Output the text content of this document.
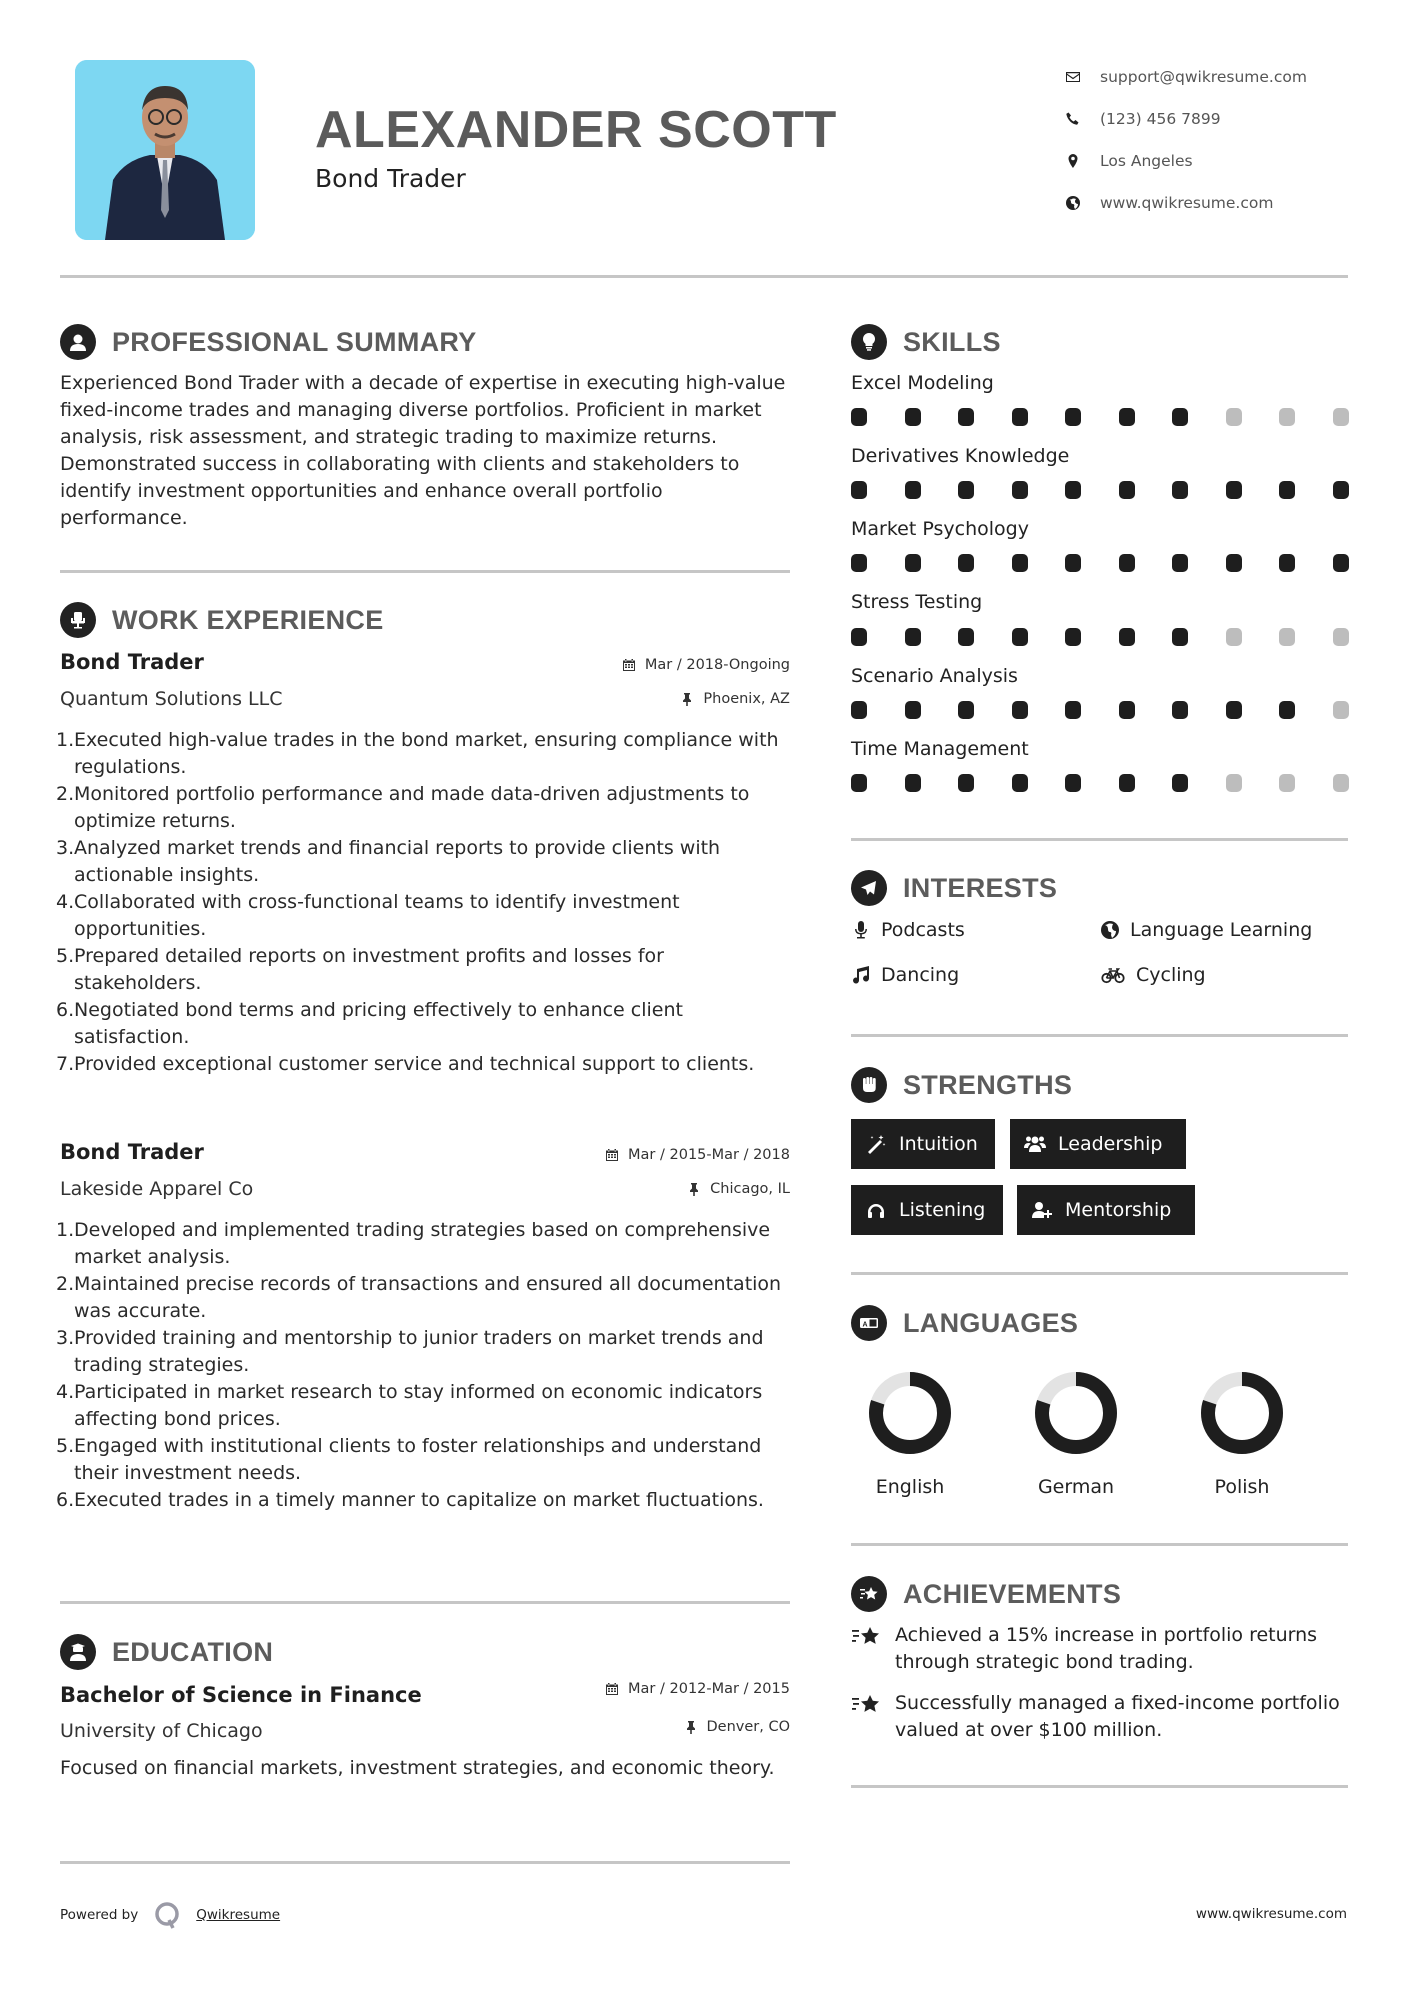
ALEXANDER SCOTT
Bond Trader
support@qwikresume.com
(123) 456 7899
Los Angeles
www.qwikresume.com
PROFESSIONAL SUMMARY
Experienced Bond Trader with a decade of expertise in executing high-value fixed-income trades and managing diverse portfolios. Proficient in market analysis, risk assessment, and strategic trading to maximize returns. Demonstrated success in collaborating with clients and stakeholders to identify investment opportunities and enhance overall portfolio performance.
WORK EXPERIENCE
Bond Trader	Mar / 2018-Ongoing
Quantum Solutions LLC	Phoenix, AZ
1. Executed high-value trades in the bond market, ensuring compliance with regulations.
2. Monitored portfolio performance and made data-driven adjustments to optimize returns.
3. Analyzed market trends and financial reports to provide clients with actionable insights.
4. Collaborated with cross-functional teams to identify investment opportunities.
5. Prepared detailed reports on investment profits and losses for stakeholders.
6. Negotiated bond terms and pricing effectively to enhance client satisfaction.
7. Provided exceptional customer service and technical support to clients.
Bond Trader	Mar / 2015-Mar / 2018
Lakeside Apparel Co	Chicago, IL
1. Developed and implemented trading strategies based on comprehensive market analysis.
2. Maintained precise records of transactions and ensured all documentation was accurate.
3. Provided training and mentorship to junior traders on market trends and trading strategies.
4. Participated in market research to stay informed on economic indicators affecting bond prices.
5. Engaged with institutional clients to foster relationships and understand their investment needs.
6. Executed trades in a timely manner to capitalize on market fluctuations.
EDUCATION
Bachelor of Science in Finance	Mar / 2012-Mar / 2015
University of Chicago	Denver, CO
Focused on financial markets, investment strategies, and economic theory.
SKILLS
Excel Modeling
Derivatives Knowledge
Market Psychology
Stress Testing
Scenario Analysis
Time Management
INTERESTS
Podcasts	Language Learning
Dancing	Cycling
STRENGTHS
Intuition	Leadership
Listening	Mentorship
A LANGUAGES
English	German	Polish
ACHIEVEMENTS
Achieved a 15% increase in portfolio returns through strategic bond trading.
Successfully managed a fixed-income portfolio valued at over $100 million.
Powered by	Qwikresume	www.qwikresume.com
